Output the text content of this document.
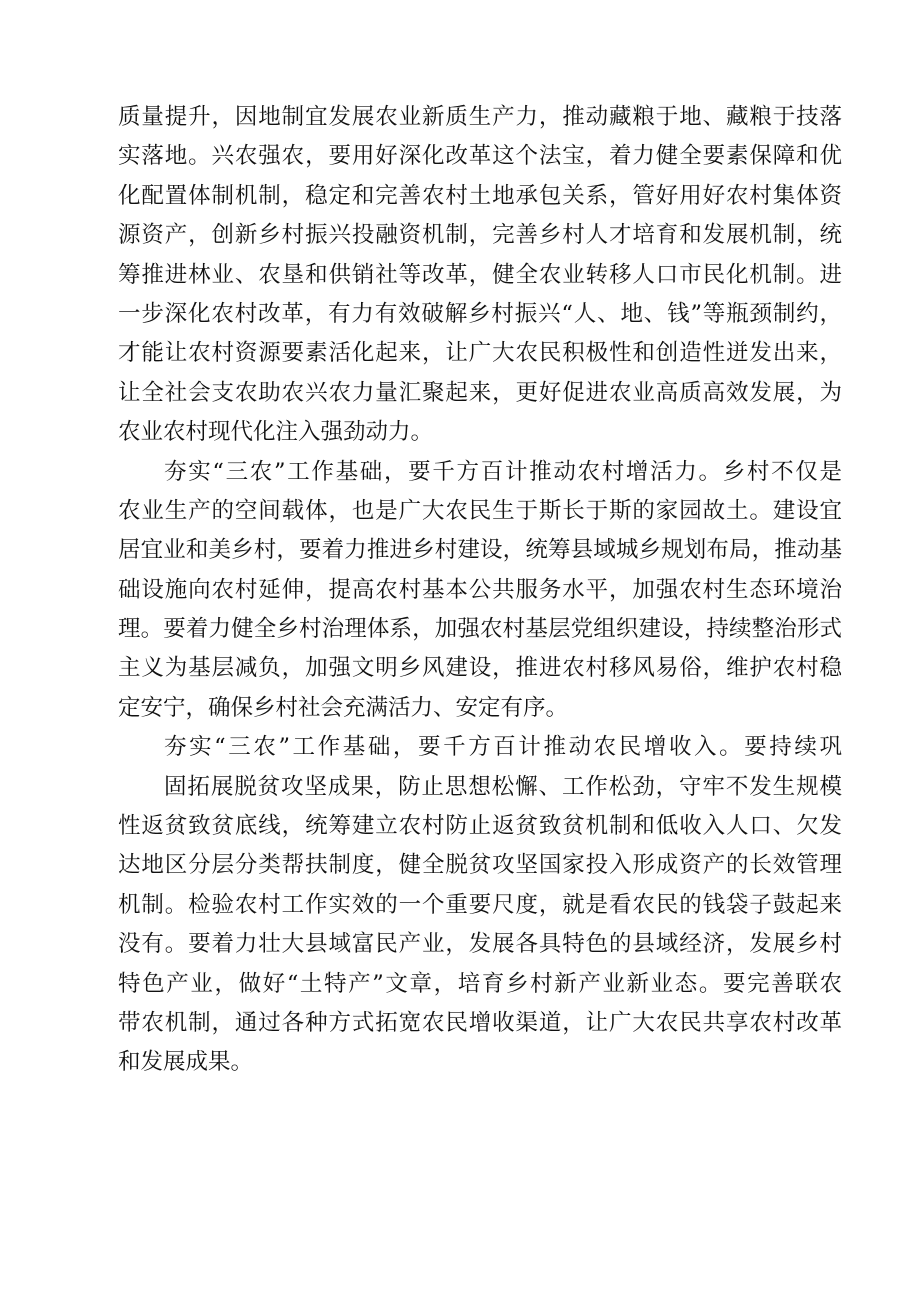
质量提升，因地制宜发展农业新质生产力，推动藏粮于地、藏粮于技落
实落地。兴农强农，要用好深化改革这个法宝，着力健全要素保障和优
化配置体制机制，稳定和完善农村土地承包关系，管好用好农村集体资
源资产，创新乡村振兴投融资机制，完善乡村人才培育和发展机制，统
筹推进林业、农垦和供销社等改革，健全农业转移人口市民化机制。进
一步深化农村改革，有力有效破解乡村振兴“人、地、钱”等瓶颈制约，
才能让农村资源要素活化起来，让广大农民积极性和创造性迸发出来，
让全社会支农助农兴农力量汇聚起来，更好促进农业高质高效发展，为
农业农村现代化注入强劲动力。
夯实“三农”工作基础，要千方百计推动农村增活力。乡村不仅是
农业生产的空间载体，也是广大农民生于斯长于斯的家园故土。建设宜
居宜业和美乡村，要着力推进乡村建设，统筹县域城乡规划布局，推动基
础设施向农村延伸，提高农村基本公共服务水平，加强农村生态环境治
理。要着力健全乡村治理体系，加强农村基层党组织建设，持续整治形式
主义为基层减负，加强文明乡风建设，推进农村移风易俗，维护农村稳
定安宁，确保乡村社会充满活力、安定有序。
夯实“三农”工作基础，要千方百计推动农民增收入。要持续巩
固拓展脱贫攻坚成果，防止思想松懈、工作松劲，守牢不发生规模
性返贫致贫底线，统筹建立农村防止返贫致贫机制和低收入人口、欠发
达地区分层分类帮扶制度，健全脱贫攻坚国家投入形成资产的长效管理
机制。检验农村工作实效的一个重要尺度，就是看农民的钱袋子鼓起来
没有。要着力壮大县域富民产业，发展各具特色的县域经济，发展乡村
特色产业，做好“土特产”文章，培育乡村新产业新业态。要完善联农
带农机制，通过各种方式拓宽农民增收渠道，让广大农民共享农村改革
和发展成果。
